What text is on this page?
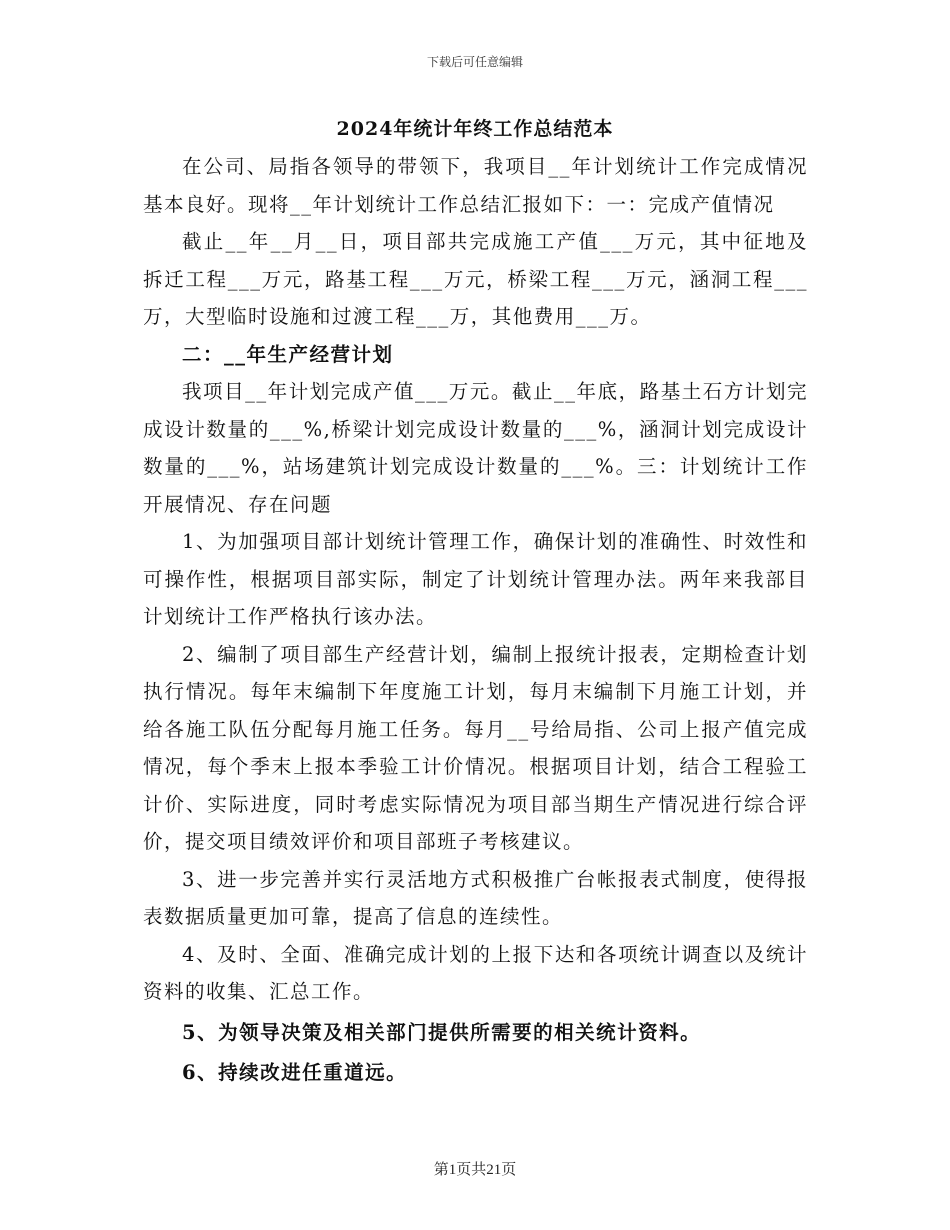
下载后可任意编辑
2024年统计年终工作总结范本

在公司、局指各领导的带领下，我项目__年计划统计工作完成情况基本良好。现将__年计划统计工作总结汇报如下：一：完成产值情况

截止__年__月__日，项目部共完成施工产值___万元，其中征地及拆迁工程___万元，路基工程___万元，桥梁工程___万元，涵洞工程___万，大型临时设施和过渡工程___万，其他费用___万。

二：__年生产经营计划

我项目__年计划完成产值___万元。截止__年底，路基土石方计划完成设计数量的___%,桥梁计划完成设计数量的___%，涵洞计划完成设计数量的___%，站场建筑计划完成设计数量的___%。三：计划统计工作开展情况、存在问题

1、为加强项目部计划统计管理工作，确保计划的准确性、时效性和可操作性，根据项目部实际，制定了计划统计管理办法。两年来我部目计划统计工作严格执行该办法。

2、编制了项目部生产经营计划，编制上报统计报表，定期检查计划执行情况。每年末编制下年度施工计划，每月末编制下月施工计划，并给各施工队伍分配每月施工任务。每月__号给局指、公司上报产值完成情况，每个季末上报本季验工计价情况。根据项目计划，结合工程验工计价、实际进度，同时考虑实际情况为项目部当期生产情况进行综合评价，提交项目绩效评价和项目部班子考核建议。

3、进一步完善并实行灵活地方式积极推广台帐报表式制度，使得报表数据质量更加可靠，提高了信息的连续性。

4、及时、全面、准确完成计划的上报下达和各项统计调查以及统计资料的收集、汇总工作。

5、为领导决策及相关部门提供所需要的相关统计资料。

6、持续改进任重道远。

第1页共21页
